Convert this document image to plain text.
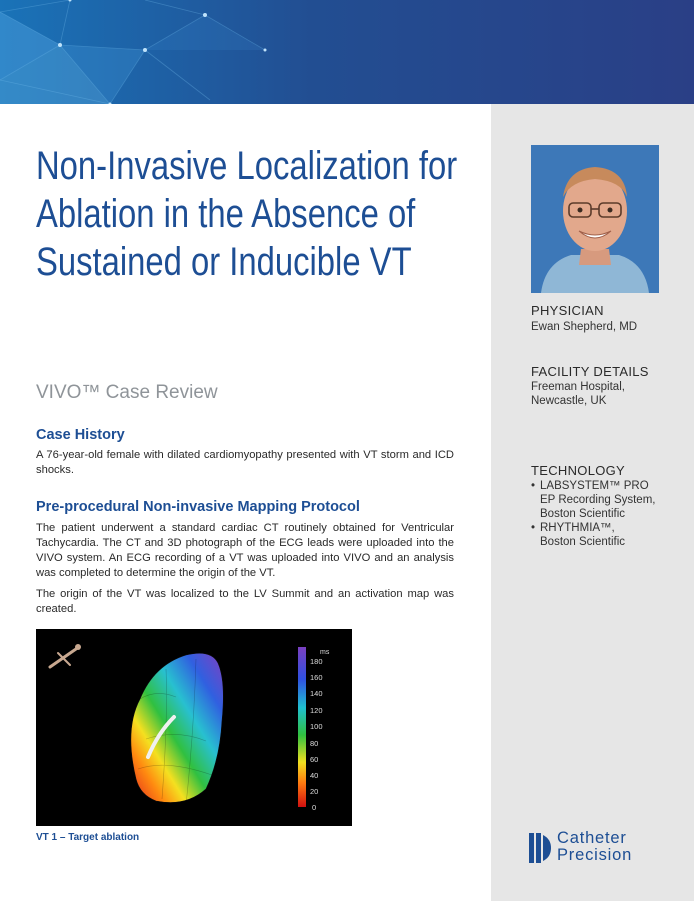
PHYSICIAN
Ewan Shepherd, MD
FACILITY DETAILS
Freeman Hospital,
Newcastle, UK
TECHNOLOGY
• LABSYSTEM™ PRO
EP Recording System,
Boston Scientific
• RHYTHMIA™,
Boston Scientific
Non-Invasive Localization for Ablation in the Absence of Sustained or Inducible VT
VIVO™ Case Review
Case History

A 76-year-old female with dilated cardiomyopathy presented with VT storm and ICD shocks.

Pre-procedural Non-invasive Mapping Protocol

The patient underwent a standard cardiac CT routinely obtained for Ventricular Tachycardia. The CT and 3D photograph of the ECG leads were uploaded into the VIVO system. An ECG recording of a VT was uploaded into VIVO and an analysis was completed to determine the origin of the VT.

The origin of the VT was localized to the LV Summit and an activation map was created.

ms
180
160
140
120
100
80
60
40
20
0
VT 1 – Target ablation	Catheter
Precision
